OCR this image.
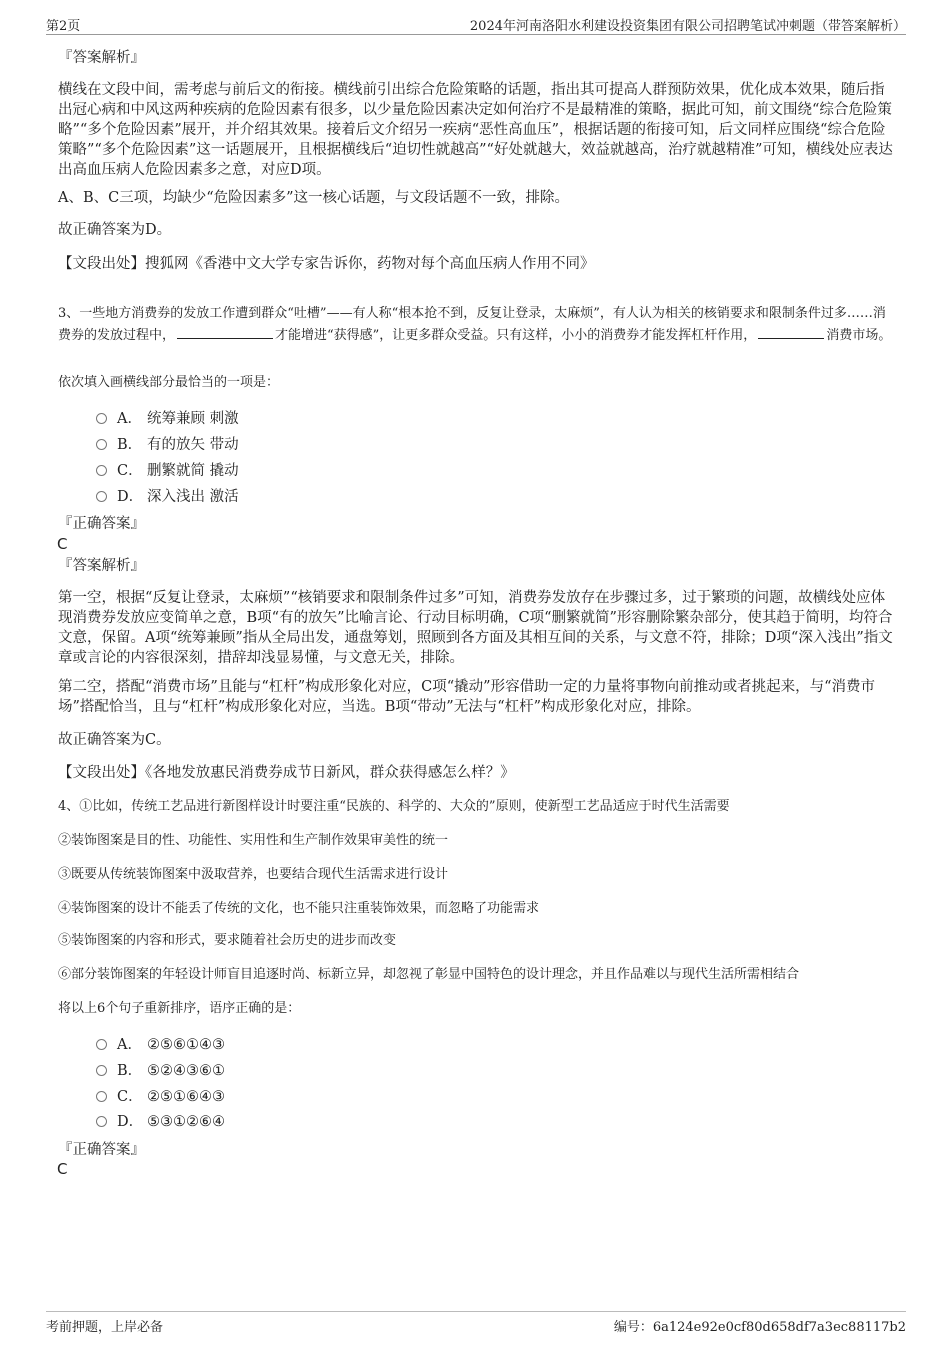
第2页	2024年河南洛阳水利建设投资集团有限公司招聘笔试冲刺题（带答案解析）
『答案解析』
横线在文段中间，需考虑与前后文的衔接。横线前引出综合危险策略的话题，指出其可提高人群预防效果，优化成本效果，随后指出冠心病和中风这两种疾病的危险因素有很多，以少量危险因素决定如何治疗不是最精准的策略，据此可知，前文围绕“综合危险策略”“多个危险因素”展开，并介绍其效果。接着后文介绍另一疾病“恶性高血压”，根据话题的衔接可知，后文同样应围绕“综合危险策略”“多个危险因素”这一话题展开，且根据横线后“迫切性就越高”“好处就越大，效益就越高，治疗就越精准”可知，横线处应表达出高血压病人危险因素多之意，对应D项。
A、B、C三项，均缺少“危险因素多”这一核心话题，与文段话题不一致，排除。
故正确答案为D。
【文段出处】搜狐网《香港中文大学专家告诉你，药物对每个高血压病人作用不同》
3、一些地方消费券的发放工作遭到群众“吐槽”——有人称“根本抢不到，反复让登录，太麻烦”，有人认为相关的核销要求和限制条件过多……消费券的发放过程中，	才能增进“获得感”，让更多群众受益。只有这样，小小的消费券才能发挥杠杆作用，	消费市场。
依次填入画横线部分最恰当的一项是：
A． 统筹兼顾 刺激
B． 有的放矢 带动
C． 删繁就简 撬动
D． 深入浅出 激活
『正确答案』
C
『答案解析』
第一空，根据“反复让登录，太麻烦”“核销要求和限制条件过多”可知，消费券发放存在步骤过多，过于繁琐的问题，故横线处应体现消费券发放应变简单之意，B项“有的放矢”比喻言论、行动目标明确，C项“删繁就简”形容删除繁杂部分，使其趋于简明，均符合文意，保留。A项“统筹兼顾”指从全局出发，通盘筹划，照顾到各方面及其相互间的关系，与文意不符，排除；D项“深入浅出”指文章或言论的内容很深刻，措辞却浅显易懂，与文意无关，排除。
第二空，搭配“消费市场”且能与“杠杆”构成形象化对应，C项“撬动”形容借助一定的力量将事物向前推动或者挑起来，与“消费市场”搭配恰当，且与“杠杆”构成形象化对应，当选。B项“带动”无法与“杠杆”构成形象化对应，排除。
故正确答案为C。
【文段出处】《各地发放惠民消费券成节日新风，群众获得感怎么样？》
4、①比如，传统工艺品进行新图样设计时要注重“民族的、科学的、大众的”原则，使新型工艺品适应于时代生活需要
②装饰图案是目的性、功能性、实用性和生产制作效果审美性的统一
③既要从传统装饰图案中汲取营养，也要结合现代生活需求进行设计
④装饰图案的设计不能丢了传统的文化，也不能只注重装饰效果，而忽略了功能需求
⑤装饰图案的内容和形式，要求随着社会历史的进步而改变
⑥部分装饰图案的年轻设计师盲目追逐时尚、标新立异，却忽视了彰显中国特色的设计理念，并且作品难以与现代生活所需相结合
将以上6个句子重新排序，语序正确的是：
A． ②⑤⑥①④③
B． ⑤②④③⑥①
C． ②⑤①⑥④③
D． ⑤③①②⑥④
『正确答案』
C
考前押题，上岸必备	编号：6a124e92e0cf80d658df7a3ec88117b2
